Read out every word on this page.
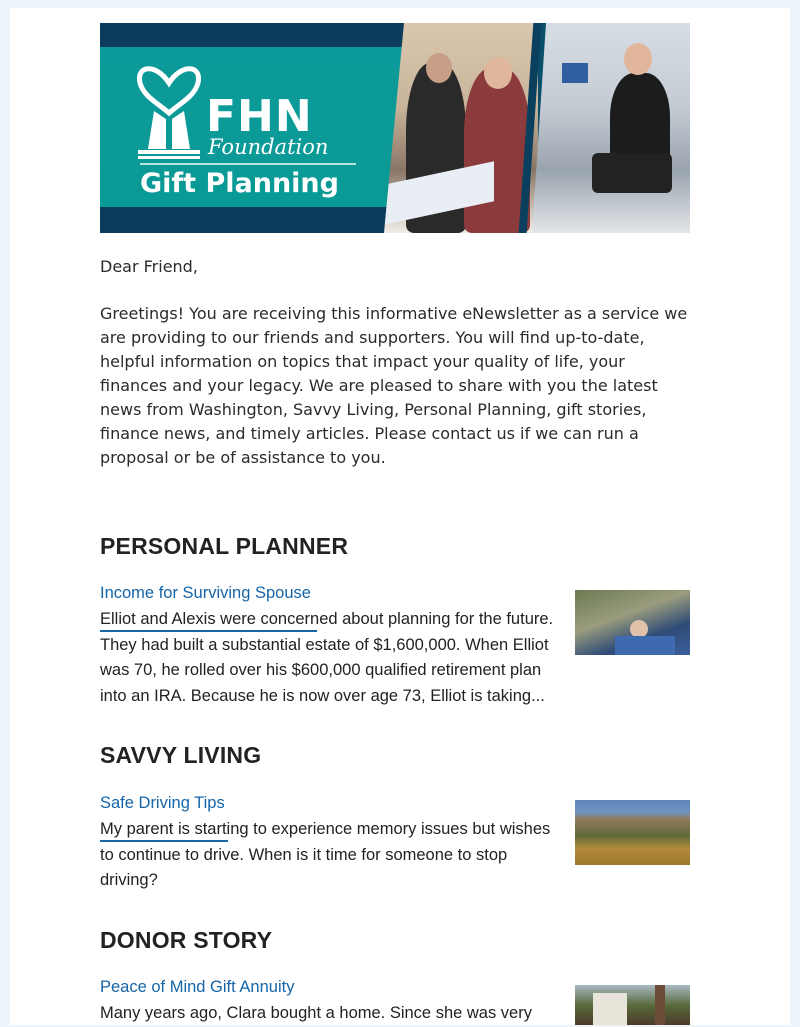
FHN
Foundation
Gift Planning
Dear Friend,
Greetings! You are receiving this informative eNewsletter as a service we are providing to our friends and supporters. You will find up-to-date, helpful information on topics that impact your quality of life, your finances and your legacy. We are pleased to share with you the latest news from Washington, Savvy Living, Personal Planning, gift stories, finance news, and timely articles. Please contact us if we can run a proposal or be of assistance to you.
PERSONAL PLANNER
Income for Surviving Spouse
Elliot and Alexis were concerned about planning for the future. They had built a substantial estate of $1,600,000. When Elliot was 70, he rolled over his $600,000 qualified retirement plan into an IRA. Because he is now over age 73, Elliot is taking...
SAVVY LIVING
Safe Driving Tips
My parent is starting to experience memory issues but wishes to continue to drive. When is it time for someone to stop driving?
DONOR STORY
Peace of Mind Gift Annuity
Many years ago, Clara bought a home. Since she was very
